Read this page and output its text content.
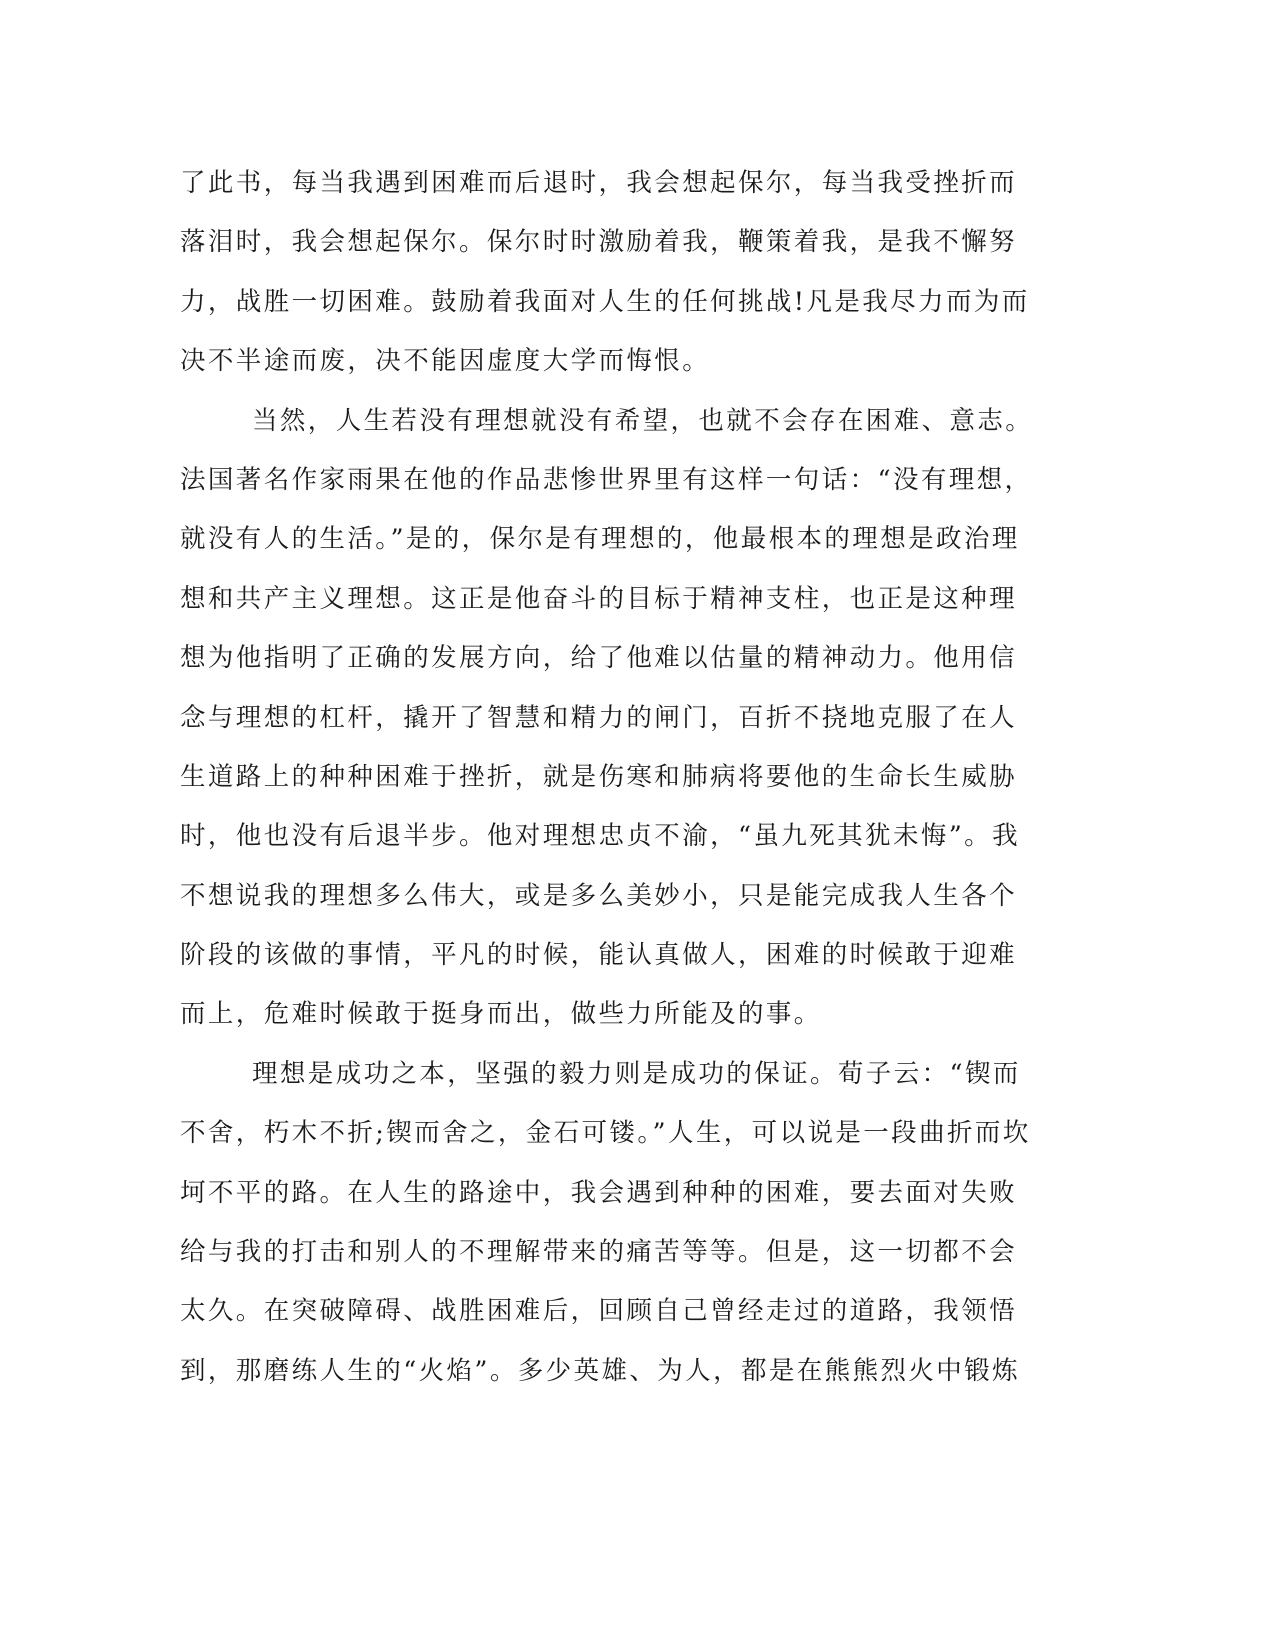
了此书，每当我遇到困难而后退时，我会想起保尔，每当我受挫折而
落泪时，我会想起保尔。保尔时时激励着我，鞭策着我，是我不懈努
力，战胜一切困难。鼓励着我面对人生的任何挑战!凡是我尽力而为而
决不半途而废，决不能因虚度大学而悔恨。
当然，人生若没有理想就没有希望，也就不会存在困难、意志。
法国著名作家雨果在他的作品悲惨世界里有这样一句话：“没有理想，
就没有人的生活。”是的，保尔是有理想的，他最根本的理想是政治理
想和共产主义理想。这正是他奋斗的目标于精神支柱，也正是这种理
想为他指明了正确的发展方向，给了他难以估量的精神动力。他用信
念与理想的杠杆，撬开了智慧和精力的闸门，百折不挠地克服了在人
生道路上的种种困难于挫折，就是伤寒和肺病将要他的生命长生威胁
时，他也没有后退半步。他对理想忠贞不渝，“虽九死其犹未悔”。我
不想说我的理想多么伟大，或是多么美妙小，只是能完成我人生各个
阶段的该做的事情，平凡的时候，能认真做人，困难的时候敢于迎难
而上，危难时候敢于挺身而出，做些力所能及的事。
理想是成功之本，坚强的毅力则是成功的保证。荀子云：“锲而
不舍，朽木不折;锲而舍之，金石可镂。”人生，可以说是一段曲折而坎
坷不平的路。在人生的路途中，我会遇到种种的困难，要去面对失败
给与我的打击和别人的不理解带来的痛苦等等。但是，这一切都不会
太久。在突破障碍、战胜困难后，回顾自己曾经走过的道路，我领悟
到，那磨练人生的“火焰”。多少英雄、为人，都是在熊熊烈火中锻炼
